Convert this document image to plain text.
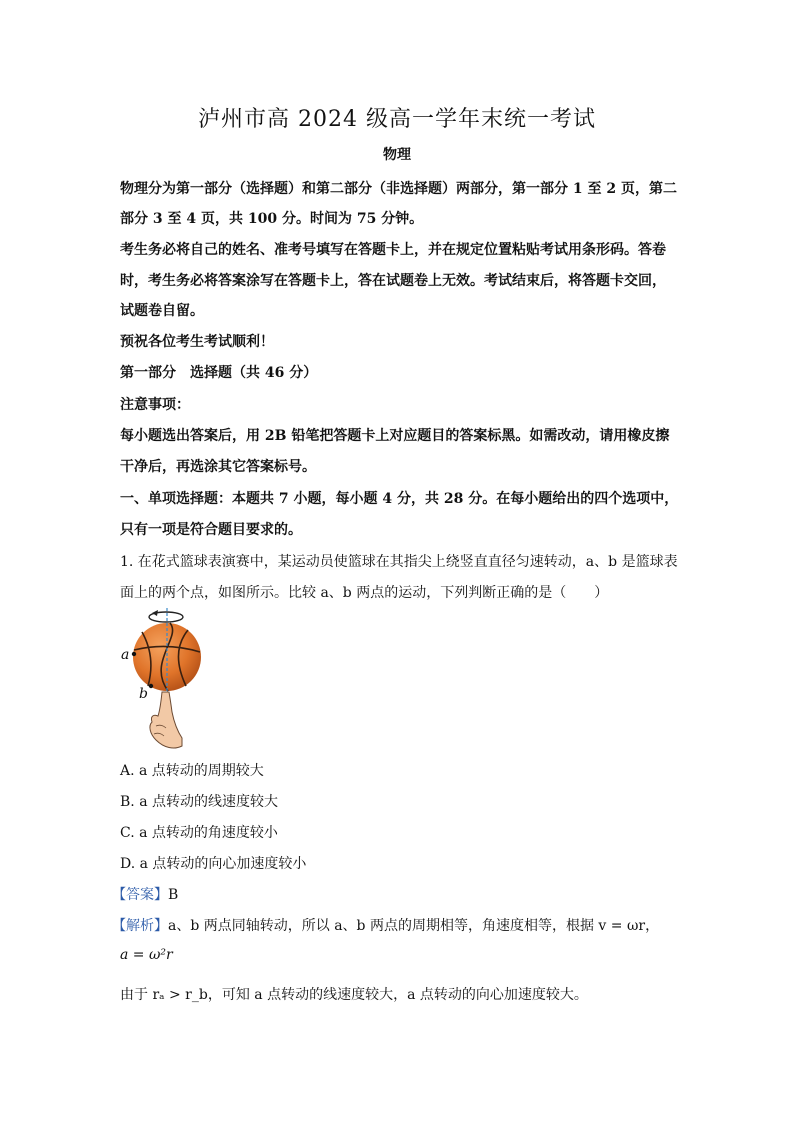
泸州市高 2024 级高一学年末统一考试
物理
物理分为第一部分（选择题）和第二部分（非选择题）两部分，第一部分 1 至 2 页，第二
部分 3 至 4 页，共 100 分。时间为 75 分钟。
考生务必将自己的姓名、准考号填写在答题卡上，并在规定位置粘贴考试用条形码。答卷
时，考生务必将答案涂写在答题卡上，答在试题卷上无效。考试结束后，将答题卡交回，
试题卷自留。
预祝各位考生考试顺利！
第一部分　选择题（共 46 分）
注意事项：
每小题选出答案后，用 2B 铅笔把答题卡上对应题目的答案标黑。如需改动，请用橡皮擦
干净后，再选涂其它答案标号。
一、单项选择题：本题共 7 小题，每小题 4 分，共 28 分。在每小题给出的四个选项中，
只有一项是符合题目要求的。
1. 在花式篮球表演赛中，某运动员使篮球在其指尖上绕竖直直径匀速转动，a、b 是篮球表
面上的两个点，如图所示。比较 a、b 两点的运动，下列判断正确的是（　　）
a
b
A. a 点转动的周期较大
B. a 点转动的线速度较大
C. a 点转动的角速度较小
D. a 点转动的向心加速度较小
【答案】B
【解析】a、b 两点同轴转动，所以 a、b 两点的周期相等，角速度相等，根据 v = ωr，
a = ω²r
由于 rₐ > r_b，可知 a 点转动的线速度较大，a 点转动的向心加速度较大。
